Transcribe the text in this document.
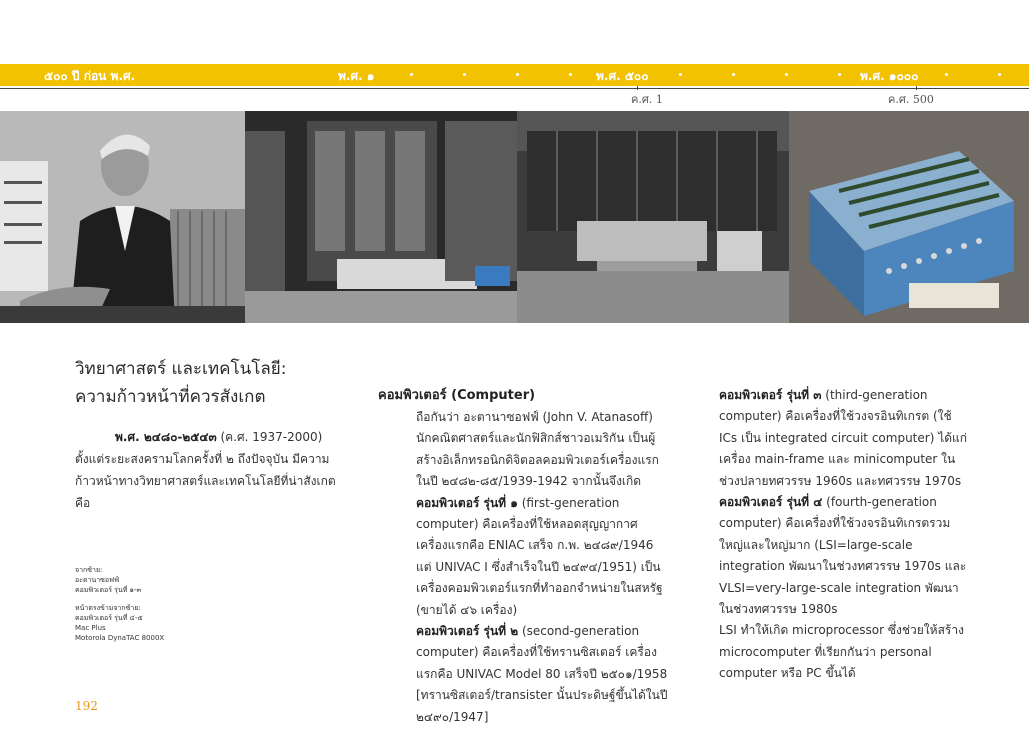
๕๐๐ ปี ก่อน พ.ศ.	พ.ศ. ๑	พ.ศ. ๕๐๐	พ.ศ. ๑๐๐๐
ค.ศ. 1	ค.ศ. 500
วิทยาศาสตร์ และเทคโนโลยี:
ความก้าวหน้าที่ควรสังเกต
พ.ศ. ๒๔๘๐-๒๕๔๓ (ค.ศ. 1937-2000) ตั้งแต่ระยะสงครามโลกครั้งที่ ๒ ถึงปัจจุบัน มีความก้าวหน้าทางวิทยาศาสตร์และเทคโนโลยีที่น่าสังเกต คือ
จากซ้าย:
อะตานาซอฟฟ์
คอมพิวเตอร์ รุ่นที่ ๑-๓
หน้าตรงข้ามจากซ้าย:
คอมพิวเตอร์ รุ่นที่ ๔-๕
Mac Plus
Motorola DynaTAC 8000X
192
คอมพิวเตอร์ (Computer)

ถือกันว่า อะตานาซอฟฟ์ (John V. Atanasoff) นักคณิตศาสตร์และนักฟิสิกส์ชาวอเมริกัน เป็นผู้สร้างอิเล็กทรอนิกดิจิตอลคอมพิวเตอร์เครื่องแรกในปี ๒๔๘๒-๘๕/1939-1942 จากนั้นจึงเกิด

คอมพิวเตอร์ รุ่นที่ ๑ (first-generation computer) คือเครื่องที่ใช้หลอดสุญญากาศ เครื่องแรกคือ ENIAC เสร็จ ก.พ. ๒๔๘๙/1946 แต่ UNIVAC I ซึ่งสำเร็จในปี ๒๔๙๔/1951) เป็นเครื่องคอมพิวเตอร์แรกที่ทำออกจำหน่ายในสหรัฐ (ขายได้ ๔๖ เครื่อง)

คอมพิวเตอร์ รุ่นที่ ๒ (second-generation computer) คือเครื่องที่ใช้ทรานซิสเตอร์ เครื่องแรกคือ UNIVAC Model 80 เสร็จปี ๒๕๐๑/1958 [ทรานซิสเตอร์/transister นั้นประดิษฐ์ขึ้นได้ในปี ๒๔๙๐/1947]

คอมพิวเตอร์ รุ่นที่ ๓ (third-generation computer) คือเครื่องที่ใช้วงจรอินทิเกรต (ใช้ ICs เป็น integrated circuit computer) ได้แก่เครื่อง main-frame และ minicomputer ในช่วงปลายทศวรรษ 1960s และทศวรรษ 1970s

คอมพิวเตอร์ รุ่นที่ ๔ (fourth-generation computer) คือเครื่องที่ใช้วงจรอินทิเกรตรวมใหญ่และใหญ่มาก (LSI=large-scale integration พัฒนาในช่วงทศวรรษ 1970s และ VLSI=very-large-scale integration พัฒนาในช่วงทศวรรษ 1980s

LSI ทำให้เกิด microprocessor ซึ่งช่วยให้สร้าง microcomputer ที่เรียกกันว่า personal computer หรือ PC ขึ้นได้
